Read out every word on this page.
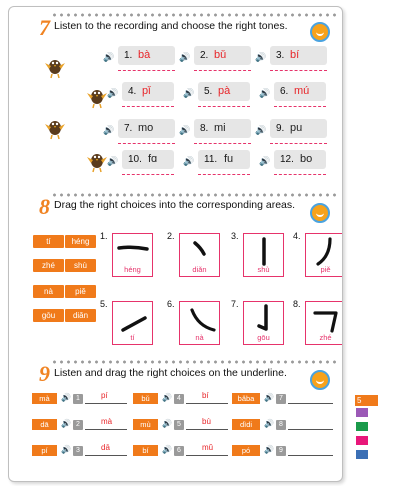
7 Listen to the recording and choose the right tones.
🔊 1. bà	🔊 2. bǔ	🔊 3. bí
🔊 4. pǐ	🔊 5. pà	🔊 6. mú
🔊 7. mo	🔊 8. mi	🔊 9. pu
🔊 10. fɑ	🔊 11. fu	🔊 12. bo
8 Drag the right choices into the corresponding areas.
tí	héng
zhé	shù
nà	piě
gōu	diǎn
1.
héng
2.
diǎn
3.
shù
4.
piě
5.
tí
6.
nà
7.
gōu
8.
zhé
9 Listen and drag the right choices on the underline.
mà	🔊 1	pí	bǔ	🔊 4	bí	bǎba	🔊 7
dā	🔊 2	mà	mù	🔊 5	bù	dìdi	🔊 8
pí	🔊 3	dā	bí	🔊 6	mǔ	pó	🔊 9
5
